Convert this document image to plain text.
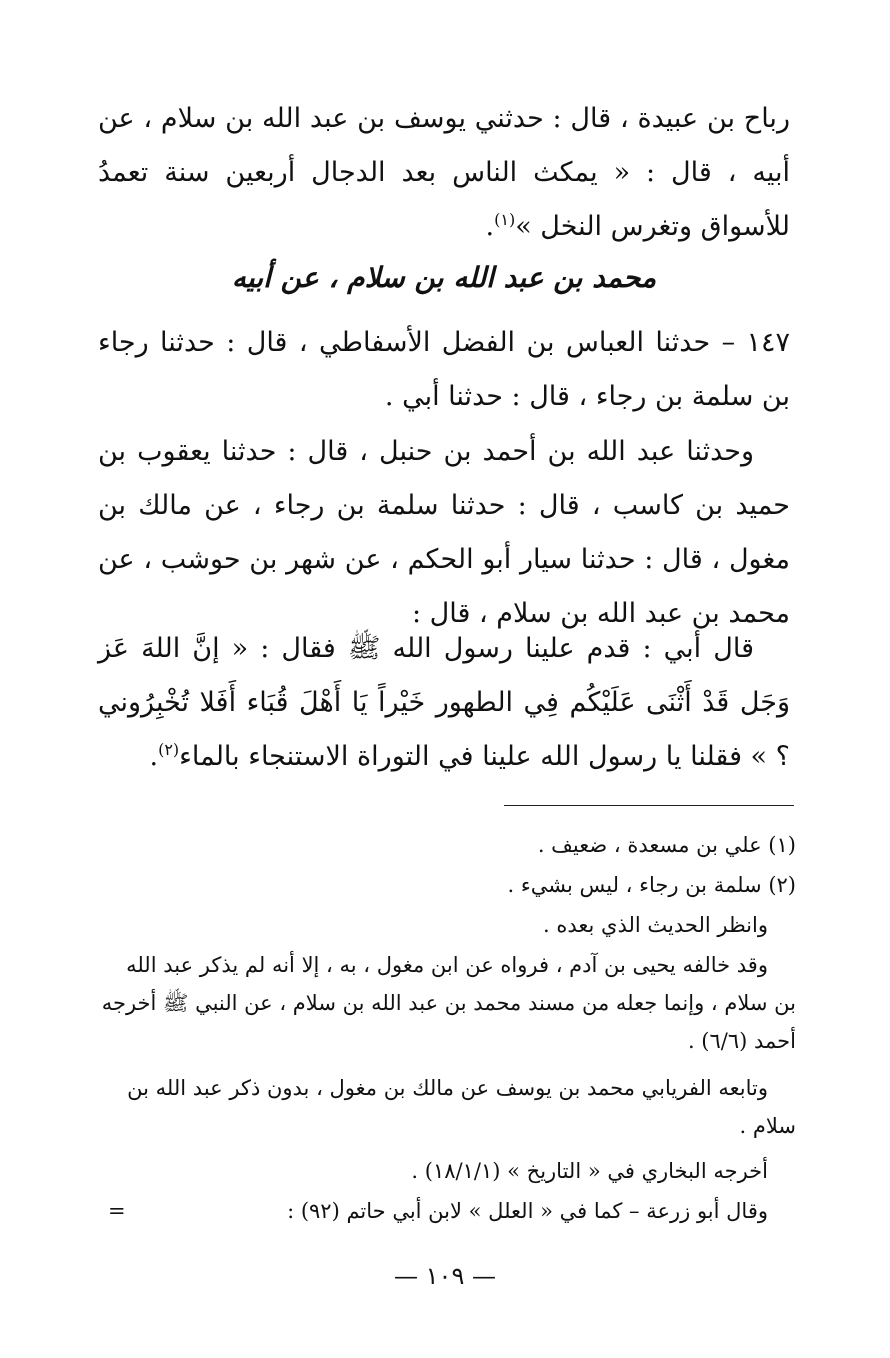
رباح بن عبيدة ، قال : حدثني يوسف بن عبد الله بن سلام ، عن أبيه ، قال : « يمكث الناس بعد الدجال أربعين سنة تعمدُ للأسواق وتغرس النخل »$^{(١)}$.
محمد بن عبد الله بن سلام ، عن أبيه
١٤٧ – حدثنا العباس بن الفضل الأسفاطي ، قال : حدثنا رجاء بن سلمة بن رجاء ، قال : حدثنا أبي .
وحدثنا عبد الله بن أحمد بن حنبل ، قال : حدثنا يعقوب بن حميد بن كاسب ، قال : حدثنا سلمة بن رجاء ، عن مالك بن مغول ، قال : حدثنا سيار أبو الحكم ، عن شهر بن حوشب ، عن محمد بن عبد الله بن سلام ، قال :
قال أبي : قدم علينا رسول الله ﷺ فقال : « إنَّ اللهَ عَز وَجَل قَدْ أَثْنَى عَلَيْكُم فِي الطهور خَيْراً يَا أَهْلَ قُبَاء أَفَلا تُخْبِرُوني ؟ » فقلنا يا رسول الله علينا في التوراة الاستنجاء بالماء$^{(٢)}$.
(١) علي بن مسعدة ، ضعيف .
(٢) سلمة بن رجاء ، ليس بشيء .
وانظر الحديث الذي بعده .
وقد خالفه يحيى بن آدم ، فرواه عن ابن مغول ، به ، إلا أنه لم يذكر عبد الله بن سلام ، وإنما جعله من مسند محمد بن عبد الله بن سلام ، عن النبي ﷺ أخرجه أحمد (٦/٦) .
وتابعه الفريابي محمد بن يوسف عن مالك بن مغول ، بدون ذكر عبد الله بن سلام .
أخرجه البخاري في « التاريخ » (١٨/١/١) .
وقال أبو زرعة – كما في « العلل » لابن أبي حاتم (٩٢) :
=
— ١٠٩ —
